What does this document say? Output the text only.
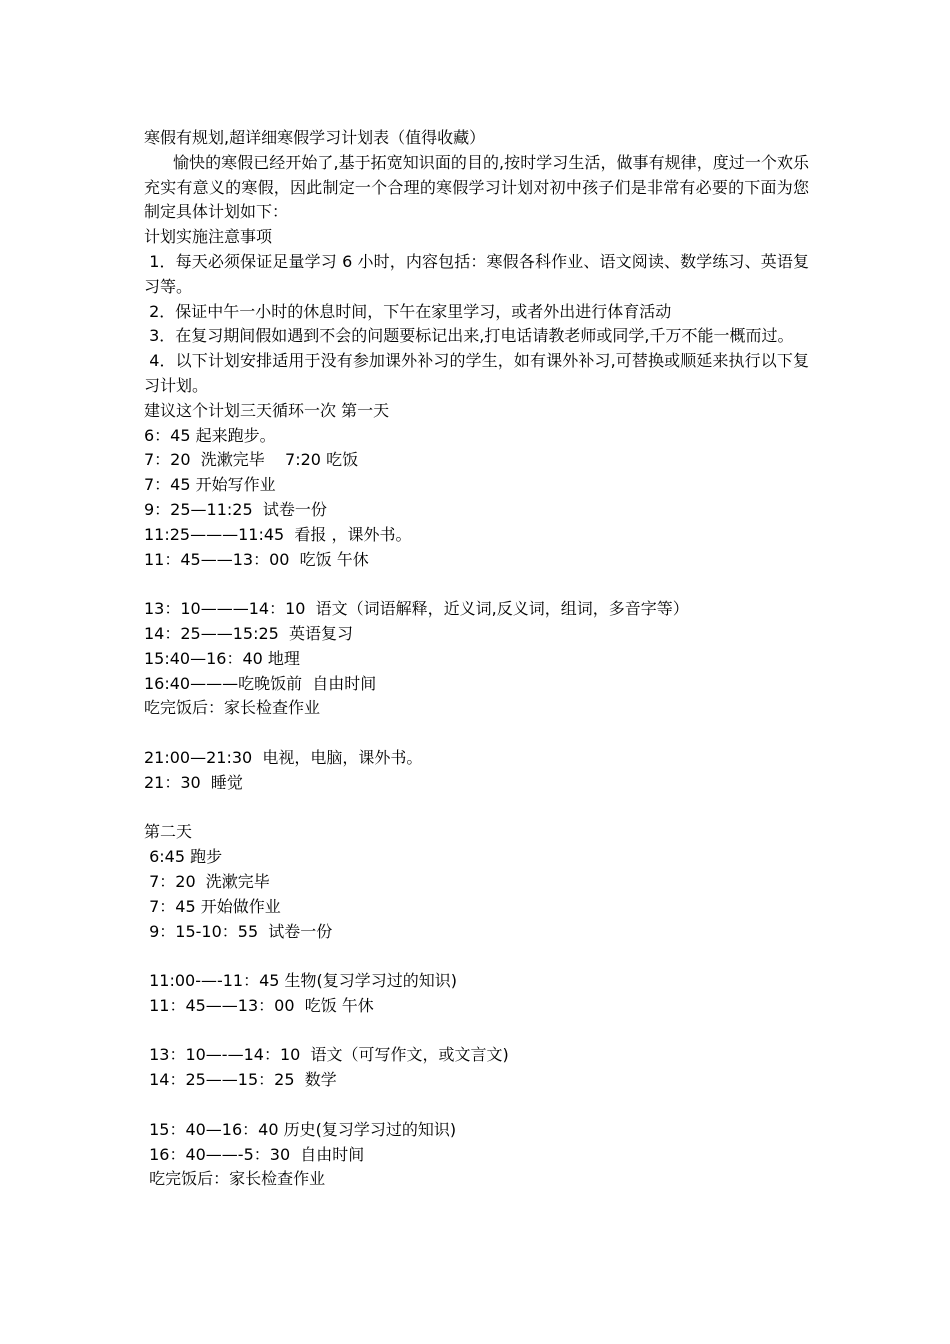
寒假有规划,超详细寒假学习计划表（值得收藏）

愉快的寒假已经开始了,基于拓宽知识面的目的,按时学习生活，做事有规律，度过一个欢乐充实有意义的寒假，因此制定一个合理的寒假学习计划对初中孩子们是非常有必要的下面为您制定具体计划如下：

计划实施注意事项

1．每天必须保证足量学习 6 小时，内容包括：寒假各科作业、语文阅读、数学练习、英语复习等。

2．保证中午一小时的休息时间，下午在家里学习，或者外出进行体育活动

3．在复习期间假如遇到不会的问题要标记出来,打电话请教老师或同学,千万不能一概而过。

4．以下计划安排适用于没有参加课外补习的学生，如有课外补习,可替换或顺延来执行以下复习计划。

建议这个计划三天循环一次 第一天

6：45 起来跑步。

7：20  洗漱完毕    7:20 吃饭

7：45 开始写作业

9：25—11:25  试卷一份

11:25———11:45  看报 ，课外书。

11：45——13：00  吃饭 午休

13：10———14：10  语文（词语解释，近义词,反义词，组词，多音字等）

14：25——15:25  英语复习

15:40—16：40 地理

16:40———吃晚饭前  自由时间

吃完饭后：家长检查作业

21:00—21:30  电视，电脑，课外书。

21：30  睡觉

第二天

6:45 跑步

7：20  洗漱完毕

7：45 开始做作业

9：15-10：55  试卷一份

11:00-—-11：45 生物(复习学习过的知识)

11：45——13：00  吃饭 午休

13：10—-—14：10  语文（可写作文，或文言文)

14：25——15：25  数学

15：40—16：40 历史(复习学习过的知识)

16：40——-5：30  自由时间

吃完饭后：家长检查作业
